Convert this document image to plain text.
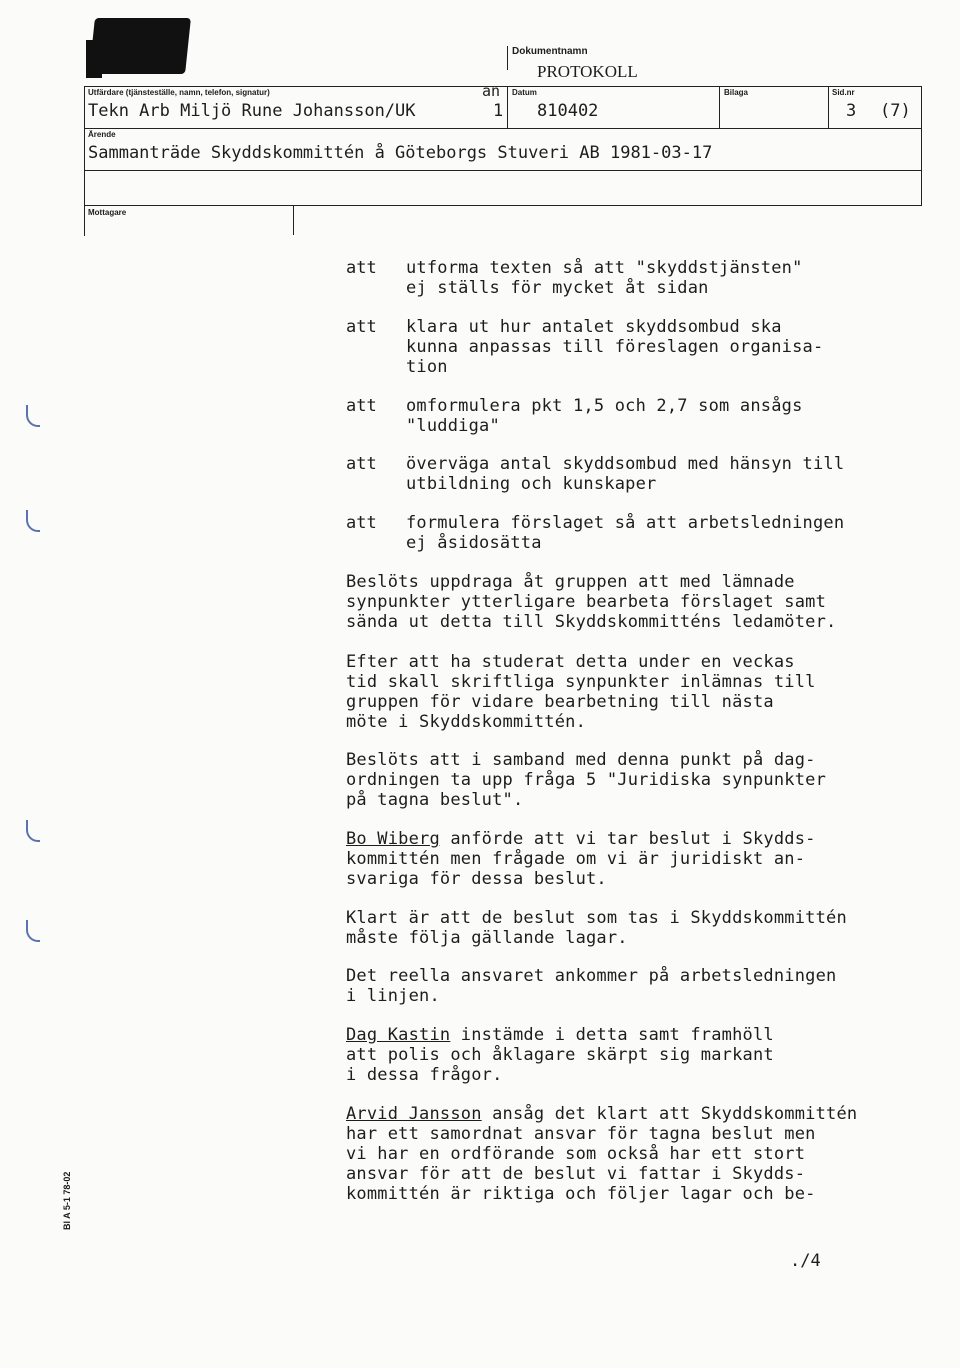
Dokumentnamn
PROTOKOLL
Utfärdare (tjänsteställe, namn, telefon, signatur)
Tekn Arb Miljö Rune Johansson/UK	1
an Datum
810402
Bilaga	Sid.nr
3 (7)
Ärende
Sammanträde Skyddskommittén å Göteborgs Stuveri AB 1981-03-17
Mottagare
att utforma texten så att "skyddstjänsten"
ej ställs för mycket åt sidan
att klara ut hur antalet skyddsombud ska
kunna anpassas till föreslagen organisa-
tion
att omformulera pkt 1,5 och 2,7 som ansågs
"luddiga"
att överväga antal skyddsombud med hänsyn till
utbildning och kunskaper
att formulera förslaget så att arbetsledningen
ej åsidosätta
Beslöts uppdraga åt gruppen att med lämnade
synpunkter ytterligare bearbeta förslaget samt
sända ut detta till Skyddskommitténs ledamöter.
Efter att ha studerat detta under en veckas
tid skall skriftliga synpunkter inlämnas till
gruppen för vidare bearbetning till nästa
möte i Skyddskommittén.
Beslöts att i samband med denna punkt på dag-
ordningen ta upp fråga 5 "Juridiska synpunkter
på tagna beslut".
Bo Wiberg anförde att vi tar beslut i Skydds-
kommittén men frågade om vi är juridiskt an-
svariga för dessa beslut.
Klart är att de beslut som tas i Skyddskommittén
måste följa gällande lagar.
Det reella ansvaret ankommer på arbetsledningen
i linjen.
Dag Kastin instämde i detta samt framhöll
att polis och åklagare skärpt sig markant
i dessa frågor.
Arvid Jansson ansåg det klart att Skyddskommittén
har ett samordnat ansvar för tagna beslut men
vi har en ordförande som också har ett stort
ansvar för att de beslut vi fattar i Skydds-
kommittén är riktiga och följer lagar och be-
./4
Bl A 5-1 78-02
